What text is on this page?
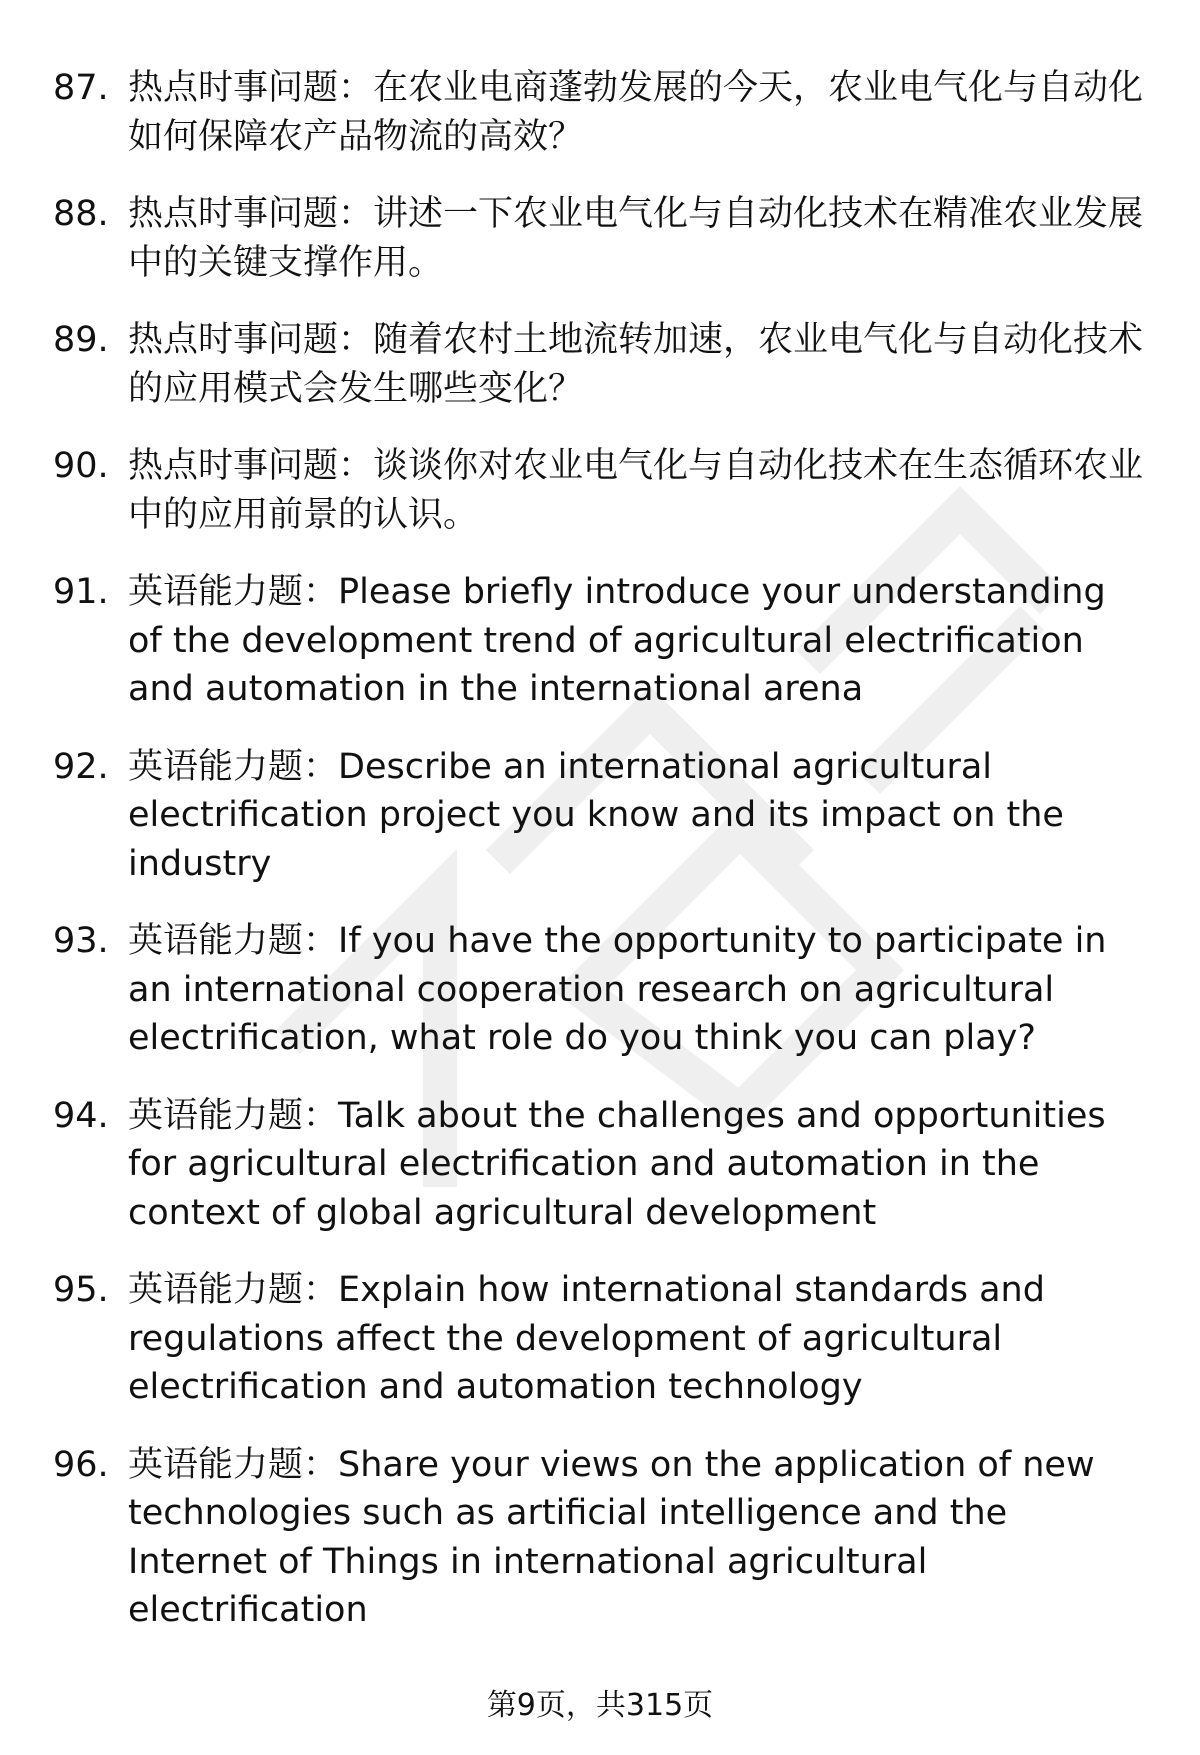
87. 热点时事问题：在农业电商蓬勃发展的今天，农业电气化与自动化如何保障农产品物流的高效？
88. 热点时事问题：讲述一下农业电气化与自动化技术在精准农业发展中的关键支撑作用。
89. 热点时事问题：随着农村土地流转加速，农业电气化与自动化技术的应用模式会发生哪些变化？
90. 热点时事问题：谈谈你对农业电气化与自动化技术在生态循环农业中的应用前景的认识。
91. 英语能力题：Please briefly introduce your understanding of the development trend of agricultural electrification and automation in the international arena
92. 英语能力题：Describe an international agricultural electrification project you know and its impact on the industry
93. 英语能力题：If you have the opportunity to participate in an international cooperation research on agricultural electrification, what role do you think you can play?
94. 英语能力题：Talk about the challenges and opportunities for agricultural electrification and automation in the context of global agricultural development
95. 英语能力题：Explain how international standards and regulations affect the development of agricultural electrification and automation technology
96. 英语能力题：Share your views on the application of new technologies such as artificial intelligence and the Internet of Things in international agricultural electrification
第9页，共315页
